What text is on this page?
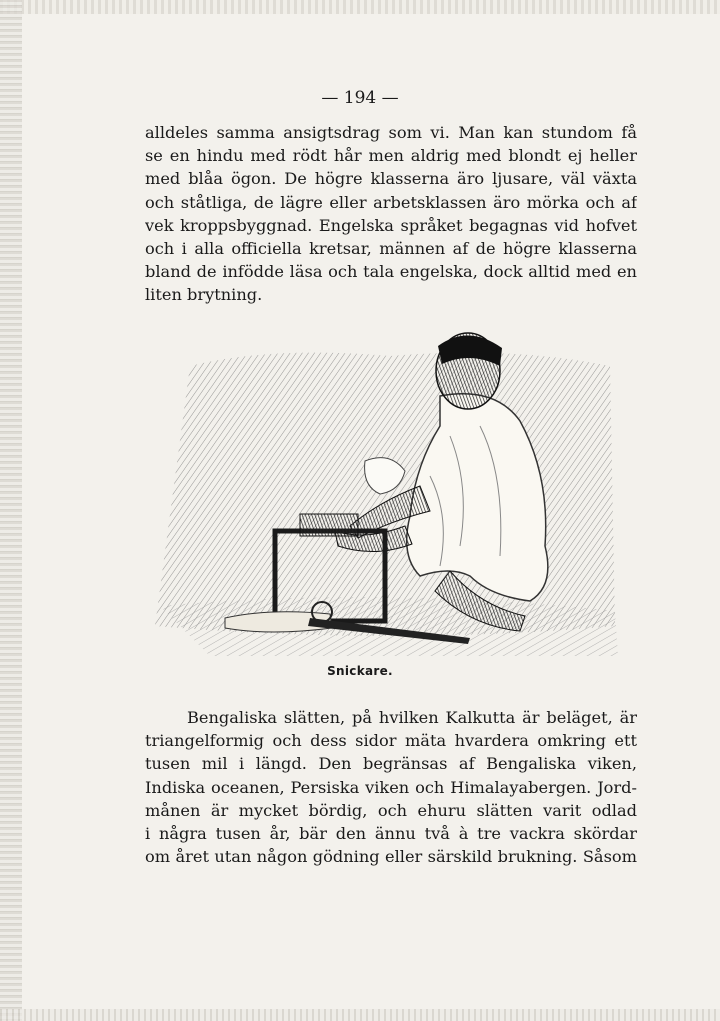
— 194 —
alldeles samma ansigtsdrag som vi. Man kan stundom få
se en hindu med rödt hår men aldrig med blondt ej heller
med blåa ögon. De högre klasserna äro ljusare, väl växta
och ståtliga, de lägre eller arbetsklassen äro mörka och af
vek kroppsbyggnad. Engelska språket begagnas vid hofvet
och i alla officiella kretsar, männen af de högre klasserna
bland de infödde läsa och tala engelska, dock alltid med en
liten brytning.
Snickare.
Bengaliska slätten, på hvilken Kalkutta är beläget, är
triangelformig och dess sidor mäta hvardera omkring ett
tusen mil i längd. Den begränsas af Bengaliska viken,
Indiska oceanen, Persiska viken och Himalayabergen. Jord-
månen är mycket bördig, och ehuru slätten varit odlad
i några tusen år, bär den ännu två à tre vackra skördar
om året utan någon gödning eller särskild brukning. Såsom
